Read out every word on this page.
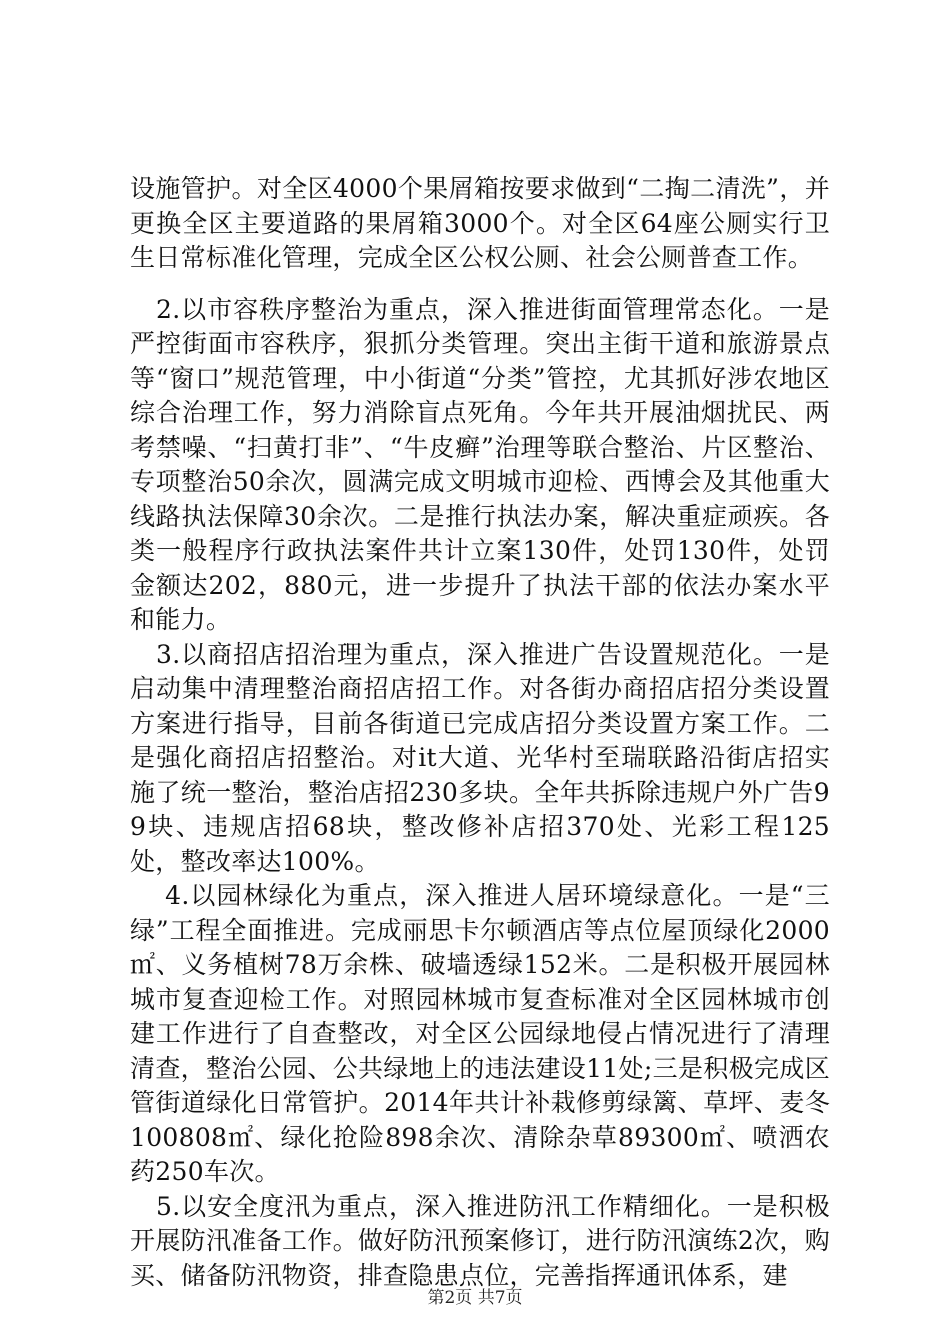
设施管护。对全区4000个果屑箱按要求做到“二掏二清洗”，并更换全区主要道路的果屑箱3000个。对全区64座公厕实行卫生日常标准化管理，完成全区公权公厕、社会公厕普查工作。

　2.以市容秩序整治为重点，深入推进街面管理常态化。一是严控街面市容秩序，狠抓分类管理。突出主街干道和旅游景点等“窗口”规范管理，中小街道“分类”管控，尤其抓好涉农地区综合治理工作，努力消除盲点死角。今年共开展油烟扰民、两考禁噪、“扫黄打非”、“牛皮癣”治理等联合整治、片区整治、专项整治50余次，圆满完成文明城市迎检、西博会及其他重大线路执法保障30余次。二是推行执法办案，解决重症顽疾。各类一般程序行政执法案件共计立案130件，处罚130件，处罚金额达202，880元，进一步提升了执法干部的依法办案水平和能力。

　3.以商招店招治理为重点，深入推进广告设置规范化。一是启动集中清理整治商招店招工作。对各街办商招店招分类设置方案进行指导，目前各街道已完成店招分类设置方案工作。二是强化商招店招整治。对it大道、光华村至瑞联路沿街店招实施了统一整治，整治店招230多块。全年共拆除违规户外广告99块、违规店招68块，整改修补店招370处、光彩工程125处，整改率达100%。

　 4.以园林绿化为重点，深入推进人居环境绿意化。一是“三绿”工程全面推进。完成丽思卡尔顿酒店等点位屋顶绿化2000㎡、义务植树78万余株、破墙透绿152米。二是积极开展园林城市复查迎检工作。对照园林城市复查标准对全区园林城市创建工作进行了自查整改，对全区公园绿地侵占情况进行了清理清查，整治公园、公共绿地上的违法建设11处;三是积极完成区管街道绿化日常管护。2014年共计补栽修剪绿篱、草坪、麦冬100808㎡、绿化抢险898余次、清除杂草89300㎡、喷洒农药250车次。

　5.以安全度汛为重点，深入推进防汛工作精细化。一是积极开展防汛准备工作。做好防汛预案修订，进行防汛演练2次，购买、储备防汛物资，排查隐患点位，完善指挥通讯体系，建

第2页 共7页
